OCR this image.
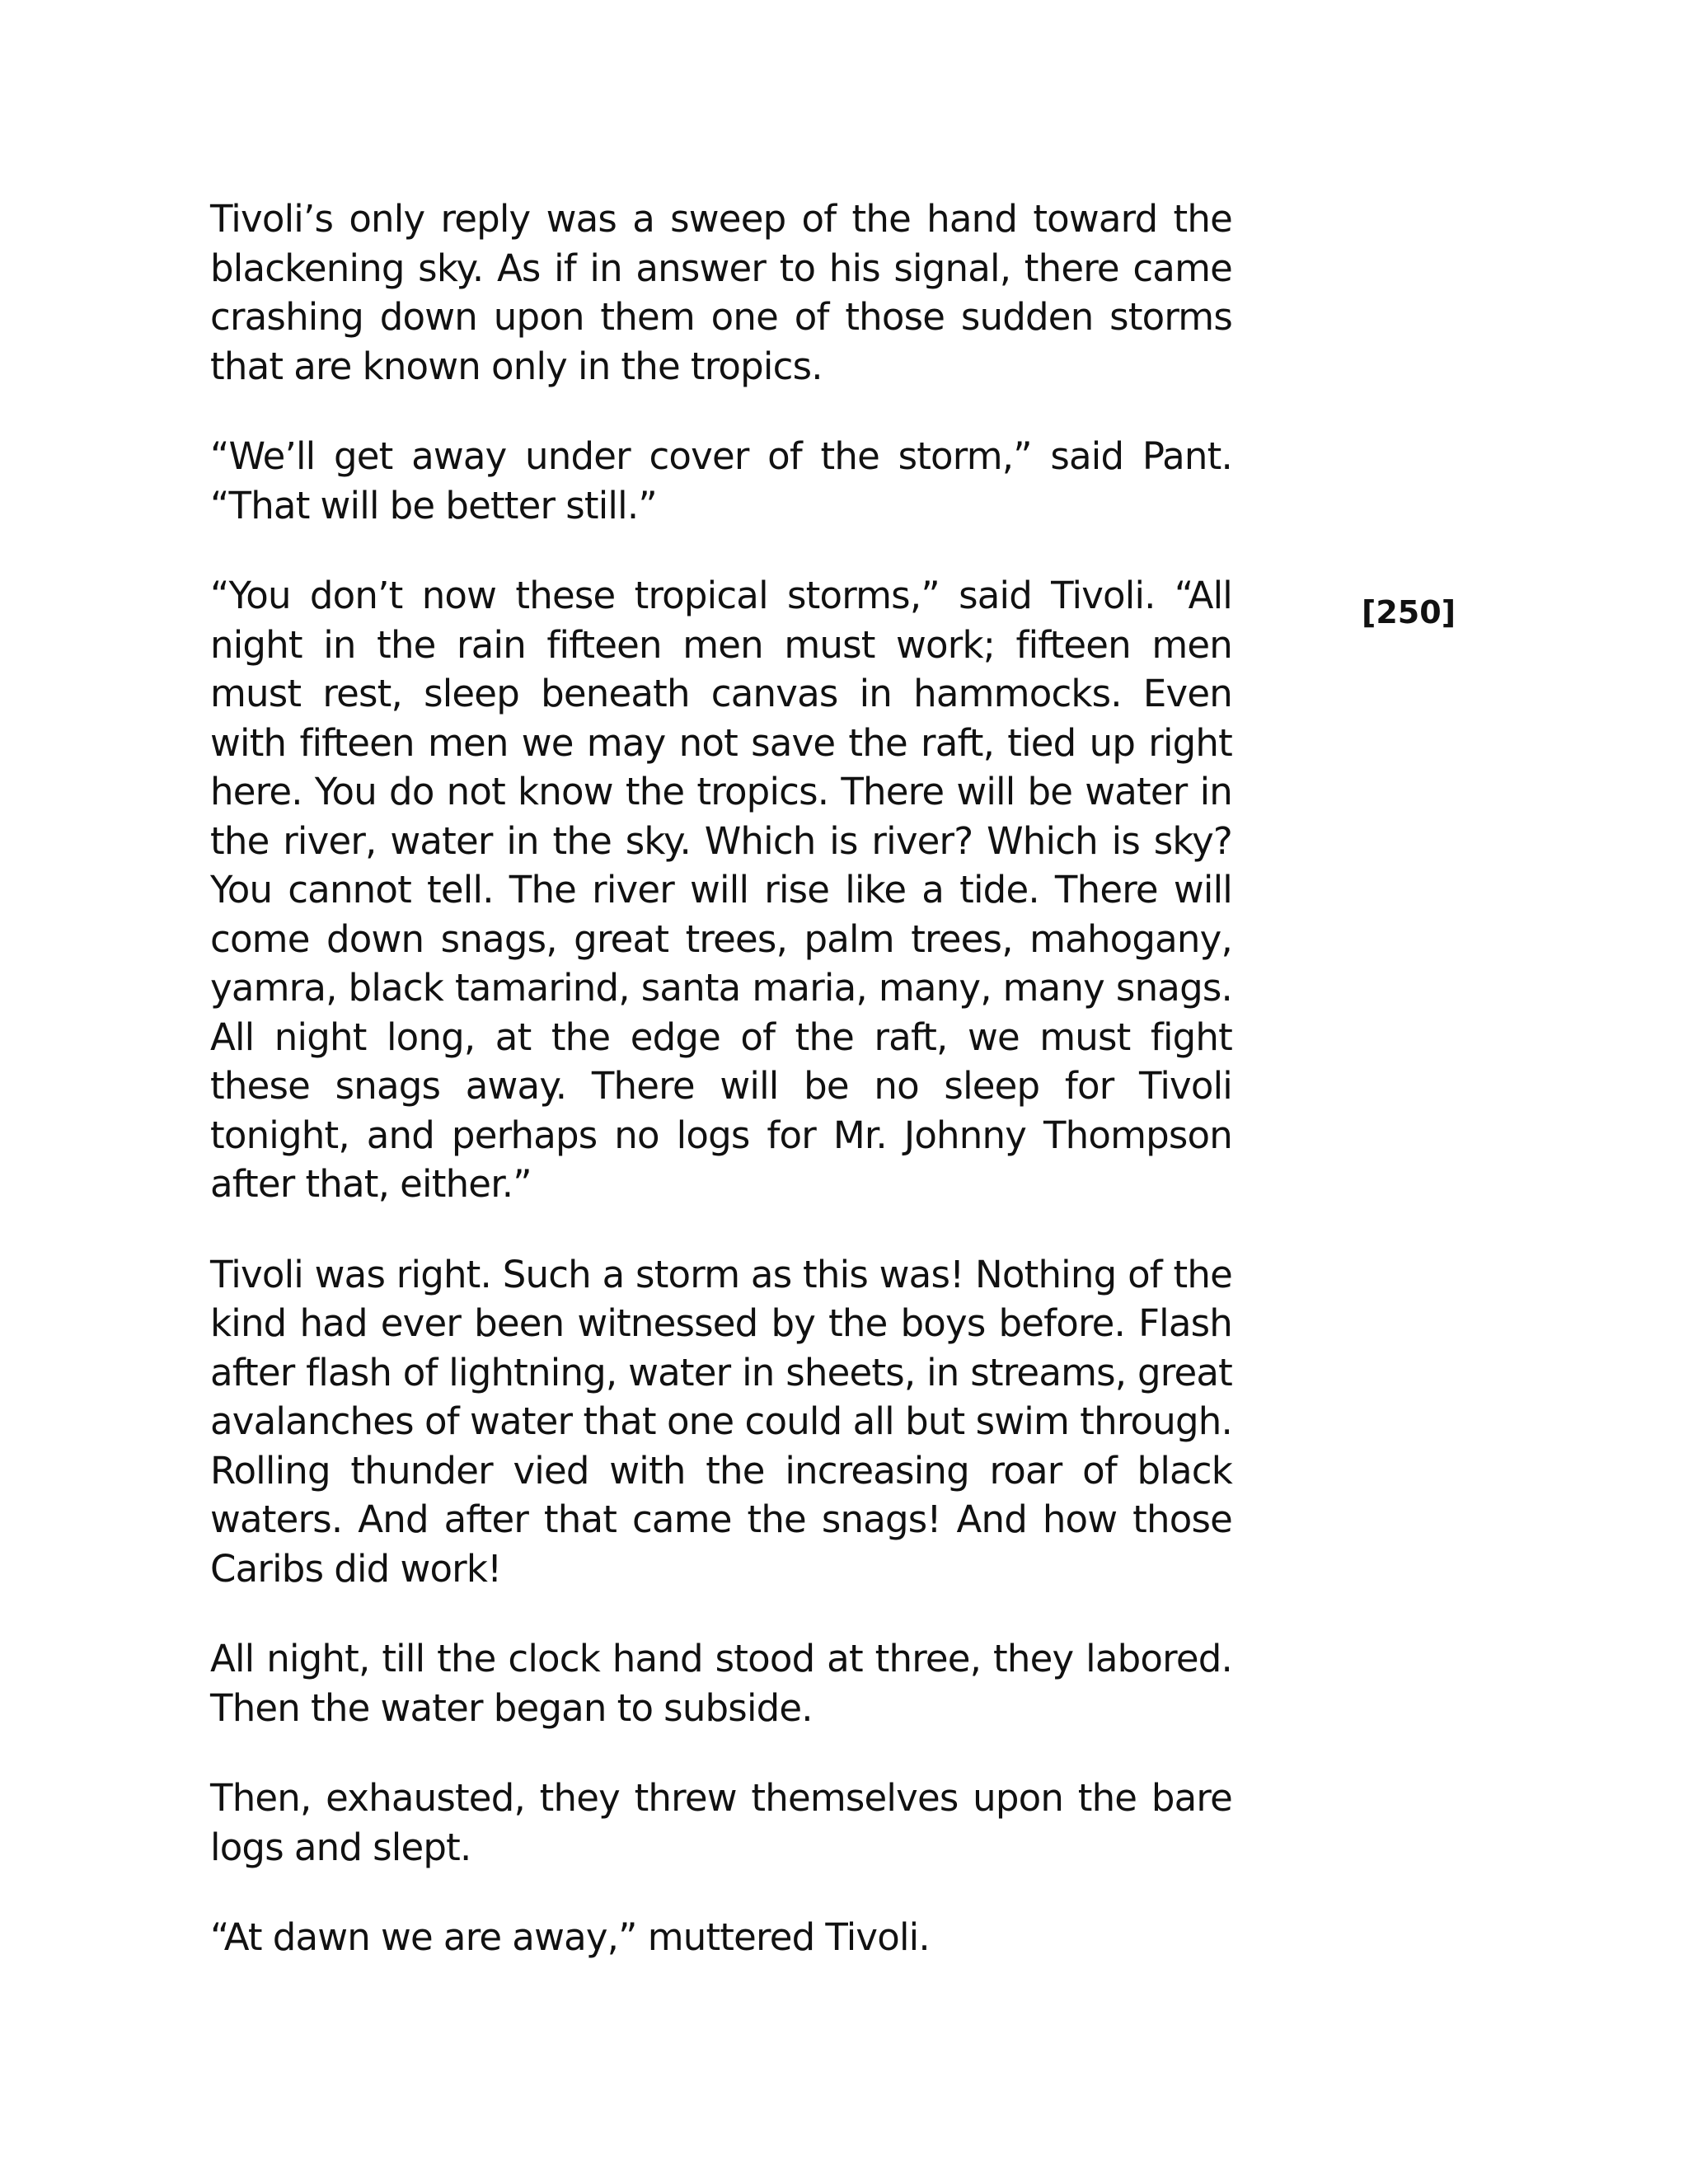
Tivoli’s only reply was a sweep of the hand toward the blackening sky. As if in answer to his signal, there came crashing down upon them one of those sudden storms that are known only in the tropics.

“We’ll get away under cover of the storm,” said Pant. “That will be better still.”

“You don’t now these tropical storms,” said Tivoli. “All night in the rain fifteen men must work; fifteen men must rest, sleep beneath canvas in hammocks. Even with fifteen men we may not save the raft, tied up right here. You do not know the tropics. There will be water in the river, water in the sky. Which is river? Which is sky? You cannot tell. The river will rise like a tide. There will come down snags, great trees, palm trees, mahogany, yamra, black tamarind, santa maria, many, many snags. All night long, at the edge of the raft, we must fight these snags away. There will be no sleep for Tivoli tonight, and perhaps no logs for Mr. Johnny Thompson after that, either.”

Tivoli was right. Such a storm as this was! Nothing of the kind had ever been witnessed by the boys before. Flash after flash of lightning, water in sheets, in streams, great avalanches of water that one could all but swim through. Rolling thunder vied with the increasing roar of black waters. And after that came the snags! And how those Caribs did work!

All night, till the clock hand stood at three, they labored. Then the water began to subside.

Then, exhausted, they threw themselves upon the bare logs and slept.

“At dawn we are away,” muttered Tivoli.

[250]
